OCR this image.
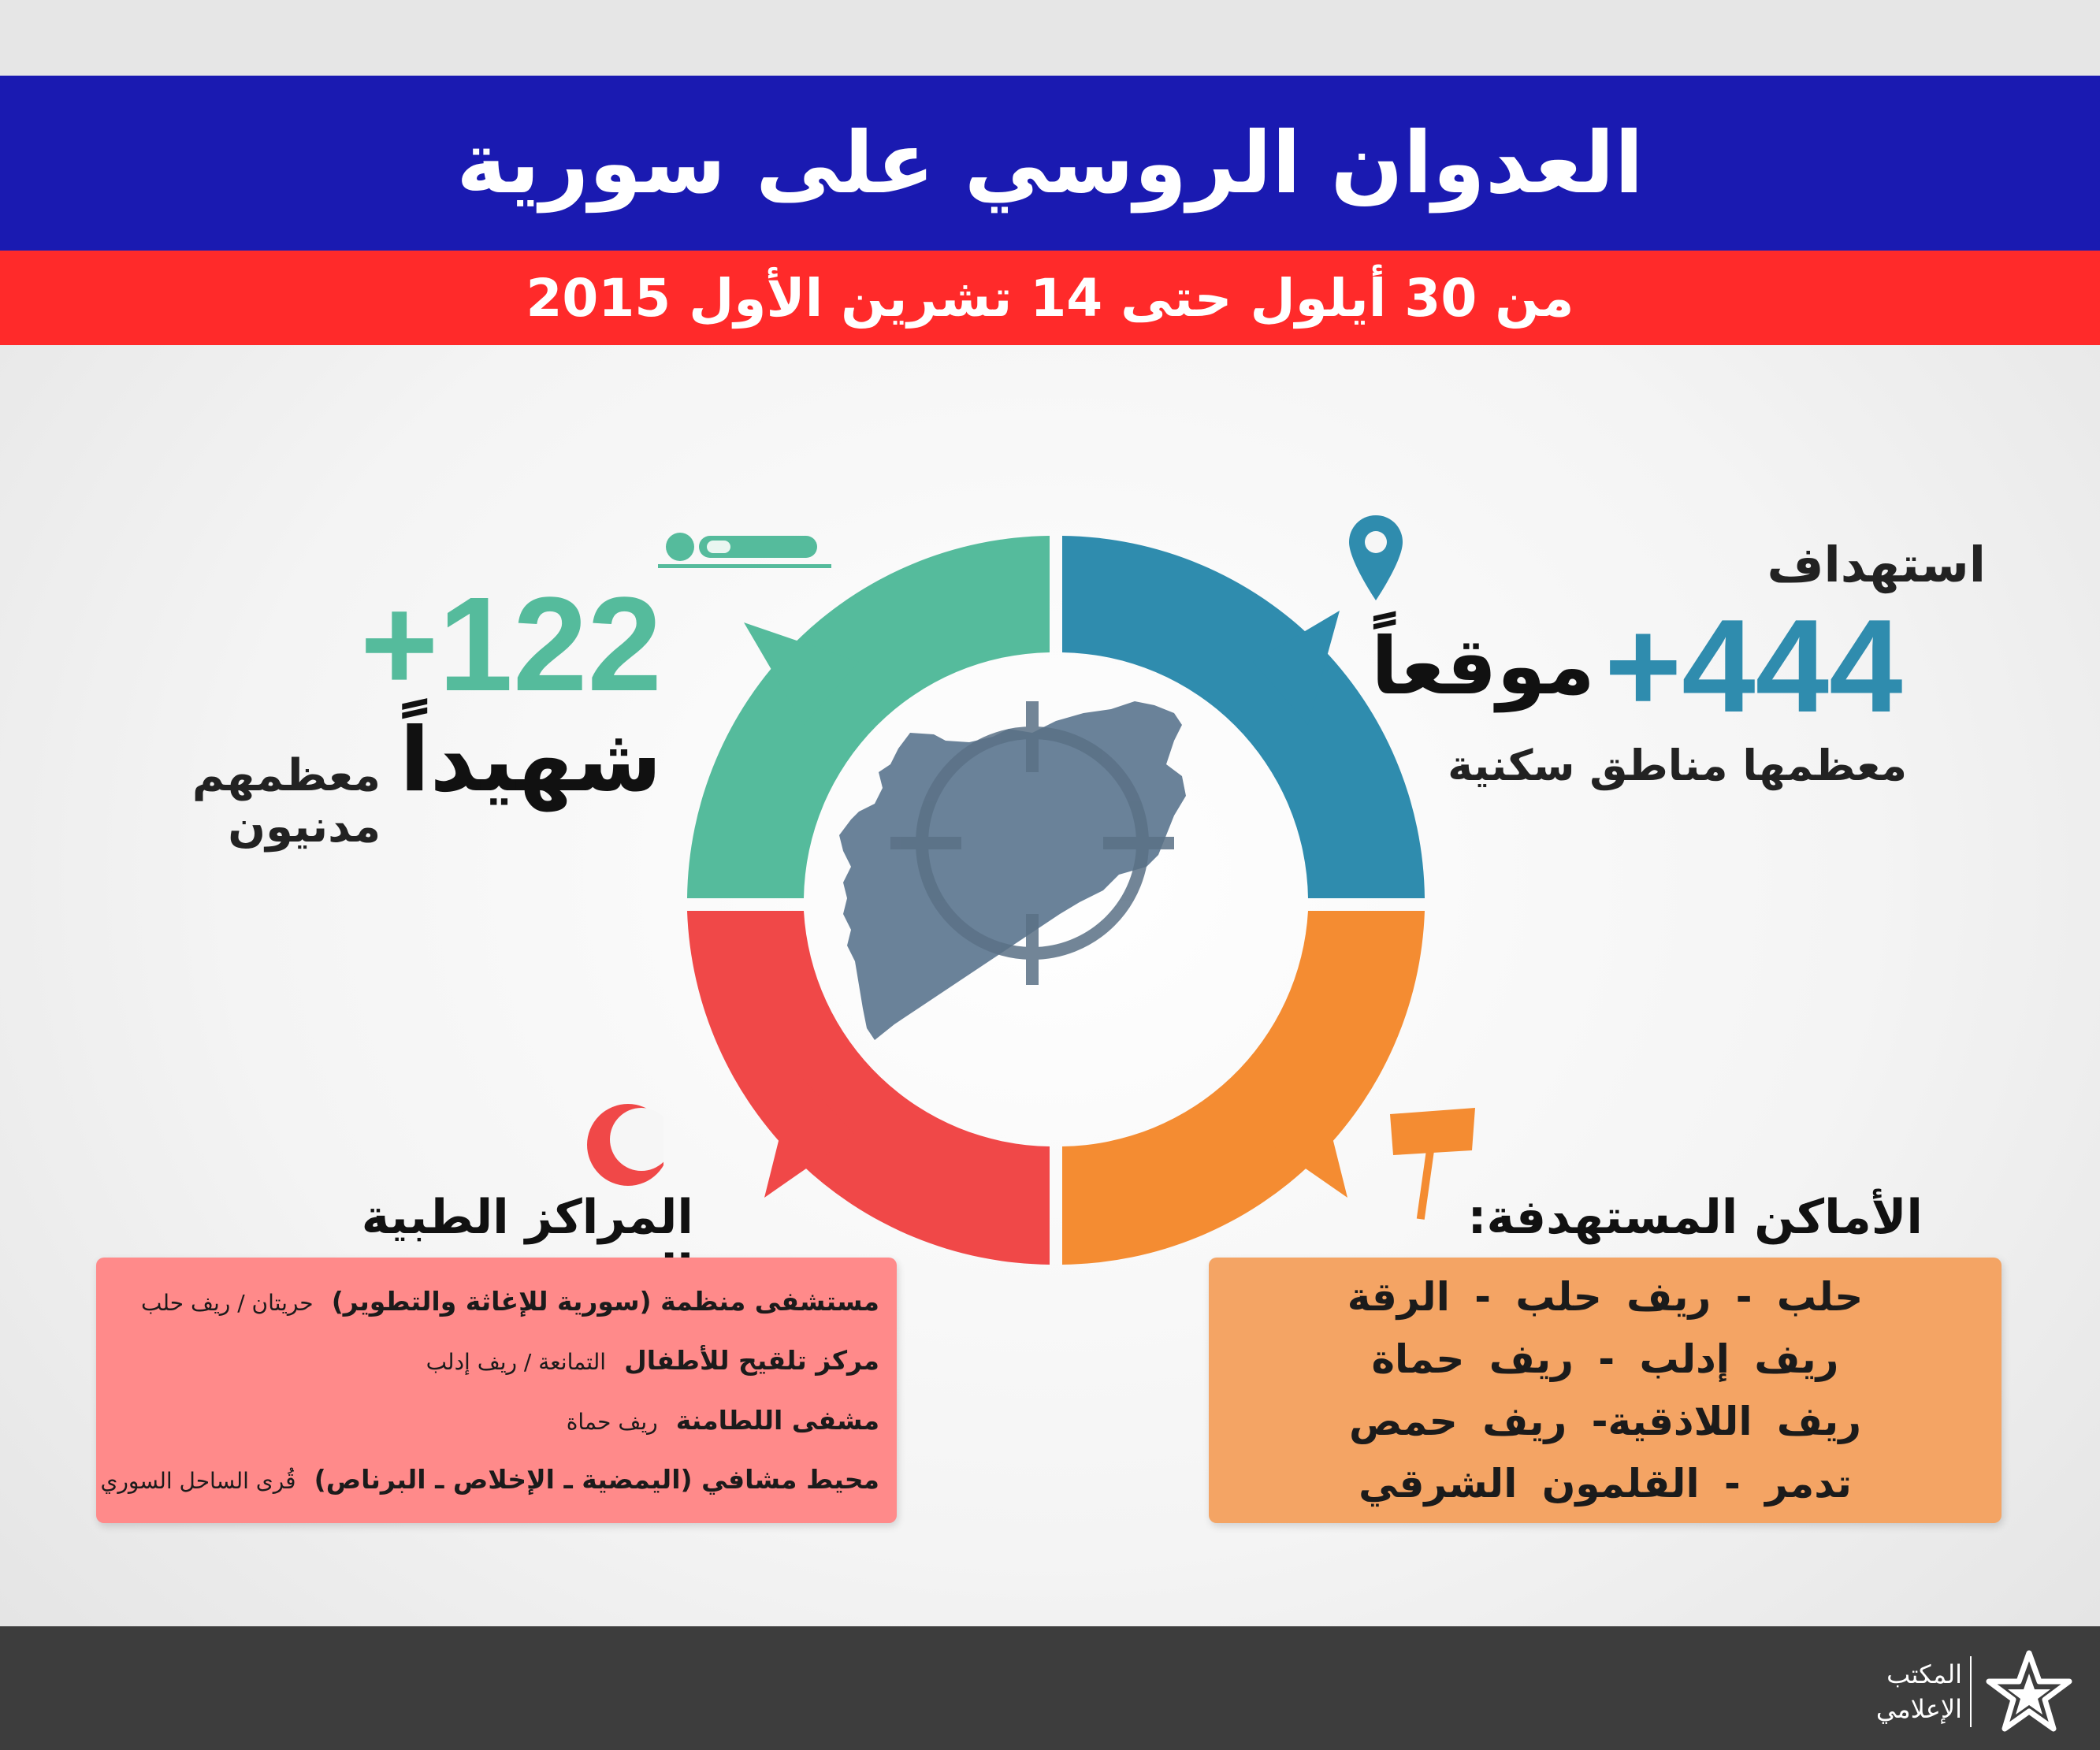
العدوان الروسي على سورية
من 30 أيلول حتى 14 تشرين الأول 2015
استهداف
+444
موقعاً
معظمها مناطق سكنية
+122
شهيداً
معظمهم مدنيون
الأماكن المستهدفة:
المراكز الطبية
حلب - ريف حلب - الرقة
ريف إدلب - ريف حماة
ريف اللاذقية- ريف حمص
تدمر - القلمون الشرقي
مستشفى منظمة (سورية للإغاثة والتطوير) حريتان / ريف حلب
مركز تلقيح للأطفال التمانعة / ريف إدلب
مشفى اللطامنة ريف حماة
محيط مشافي (اليمضية ـ الإخلاص ـ البرناص) قُرى الساحل السوري
المكتب
الإعلامي
